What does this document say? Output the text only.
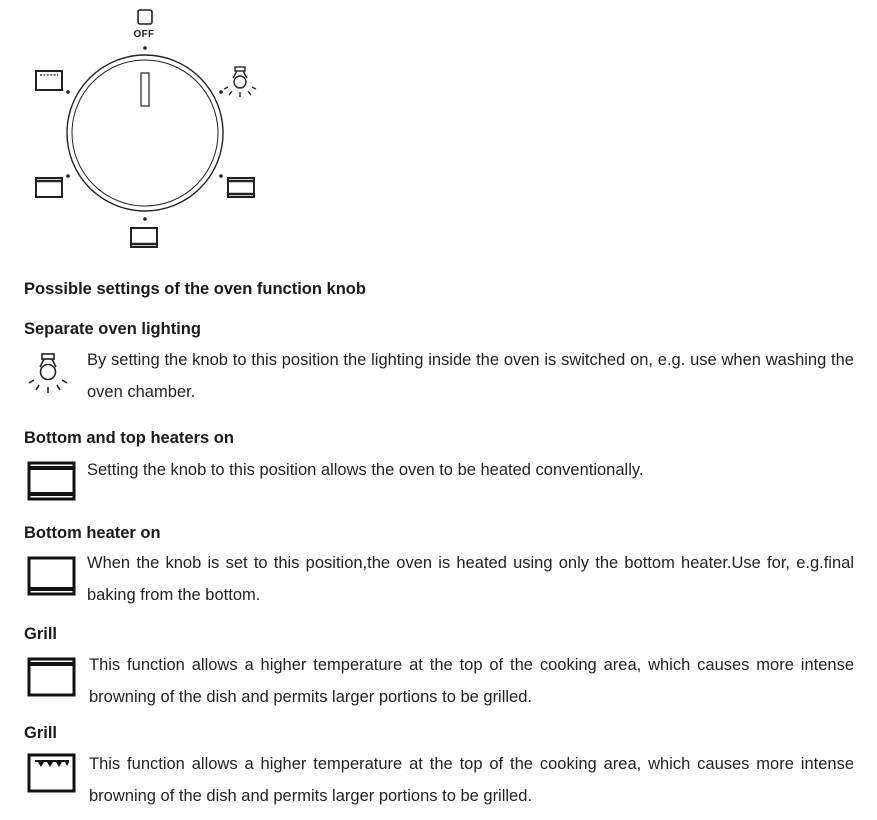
OFF
Possible settings of the oven function knob
Separate oven lighting
By setting the knob to this position the lighting inside the oven is switched on, e.g. use when washing the oven chamber.
Bottom and top heaters on
Setting the knob to this position allows the oven to be heated conventionally.
Bottom heater on
When the knob is set to this position,the oven is heated using only the bottom heater.Use for, e.g.final baking from the bottom.
Grill
This function allows a higher temperature at the top of the cooking area, which causes more intense browning of the dish and permits larger portions to be grilled.
Grill
This function allows a higher temperature at the top of the cooking area, which causes more intense browning of the dish and permits larger portions to be grilled.
